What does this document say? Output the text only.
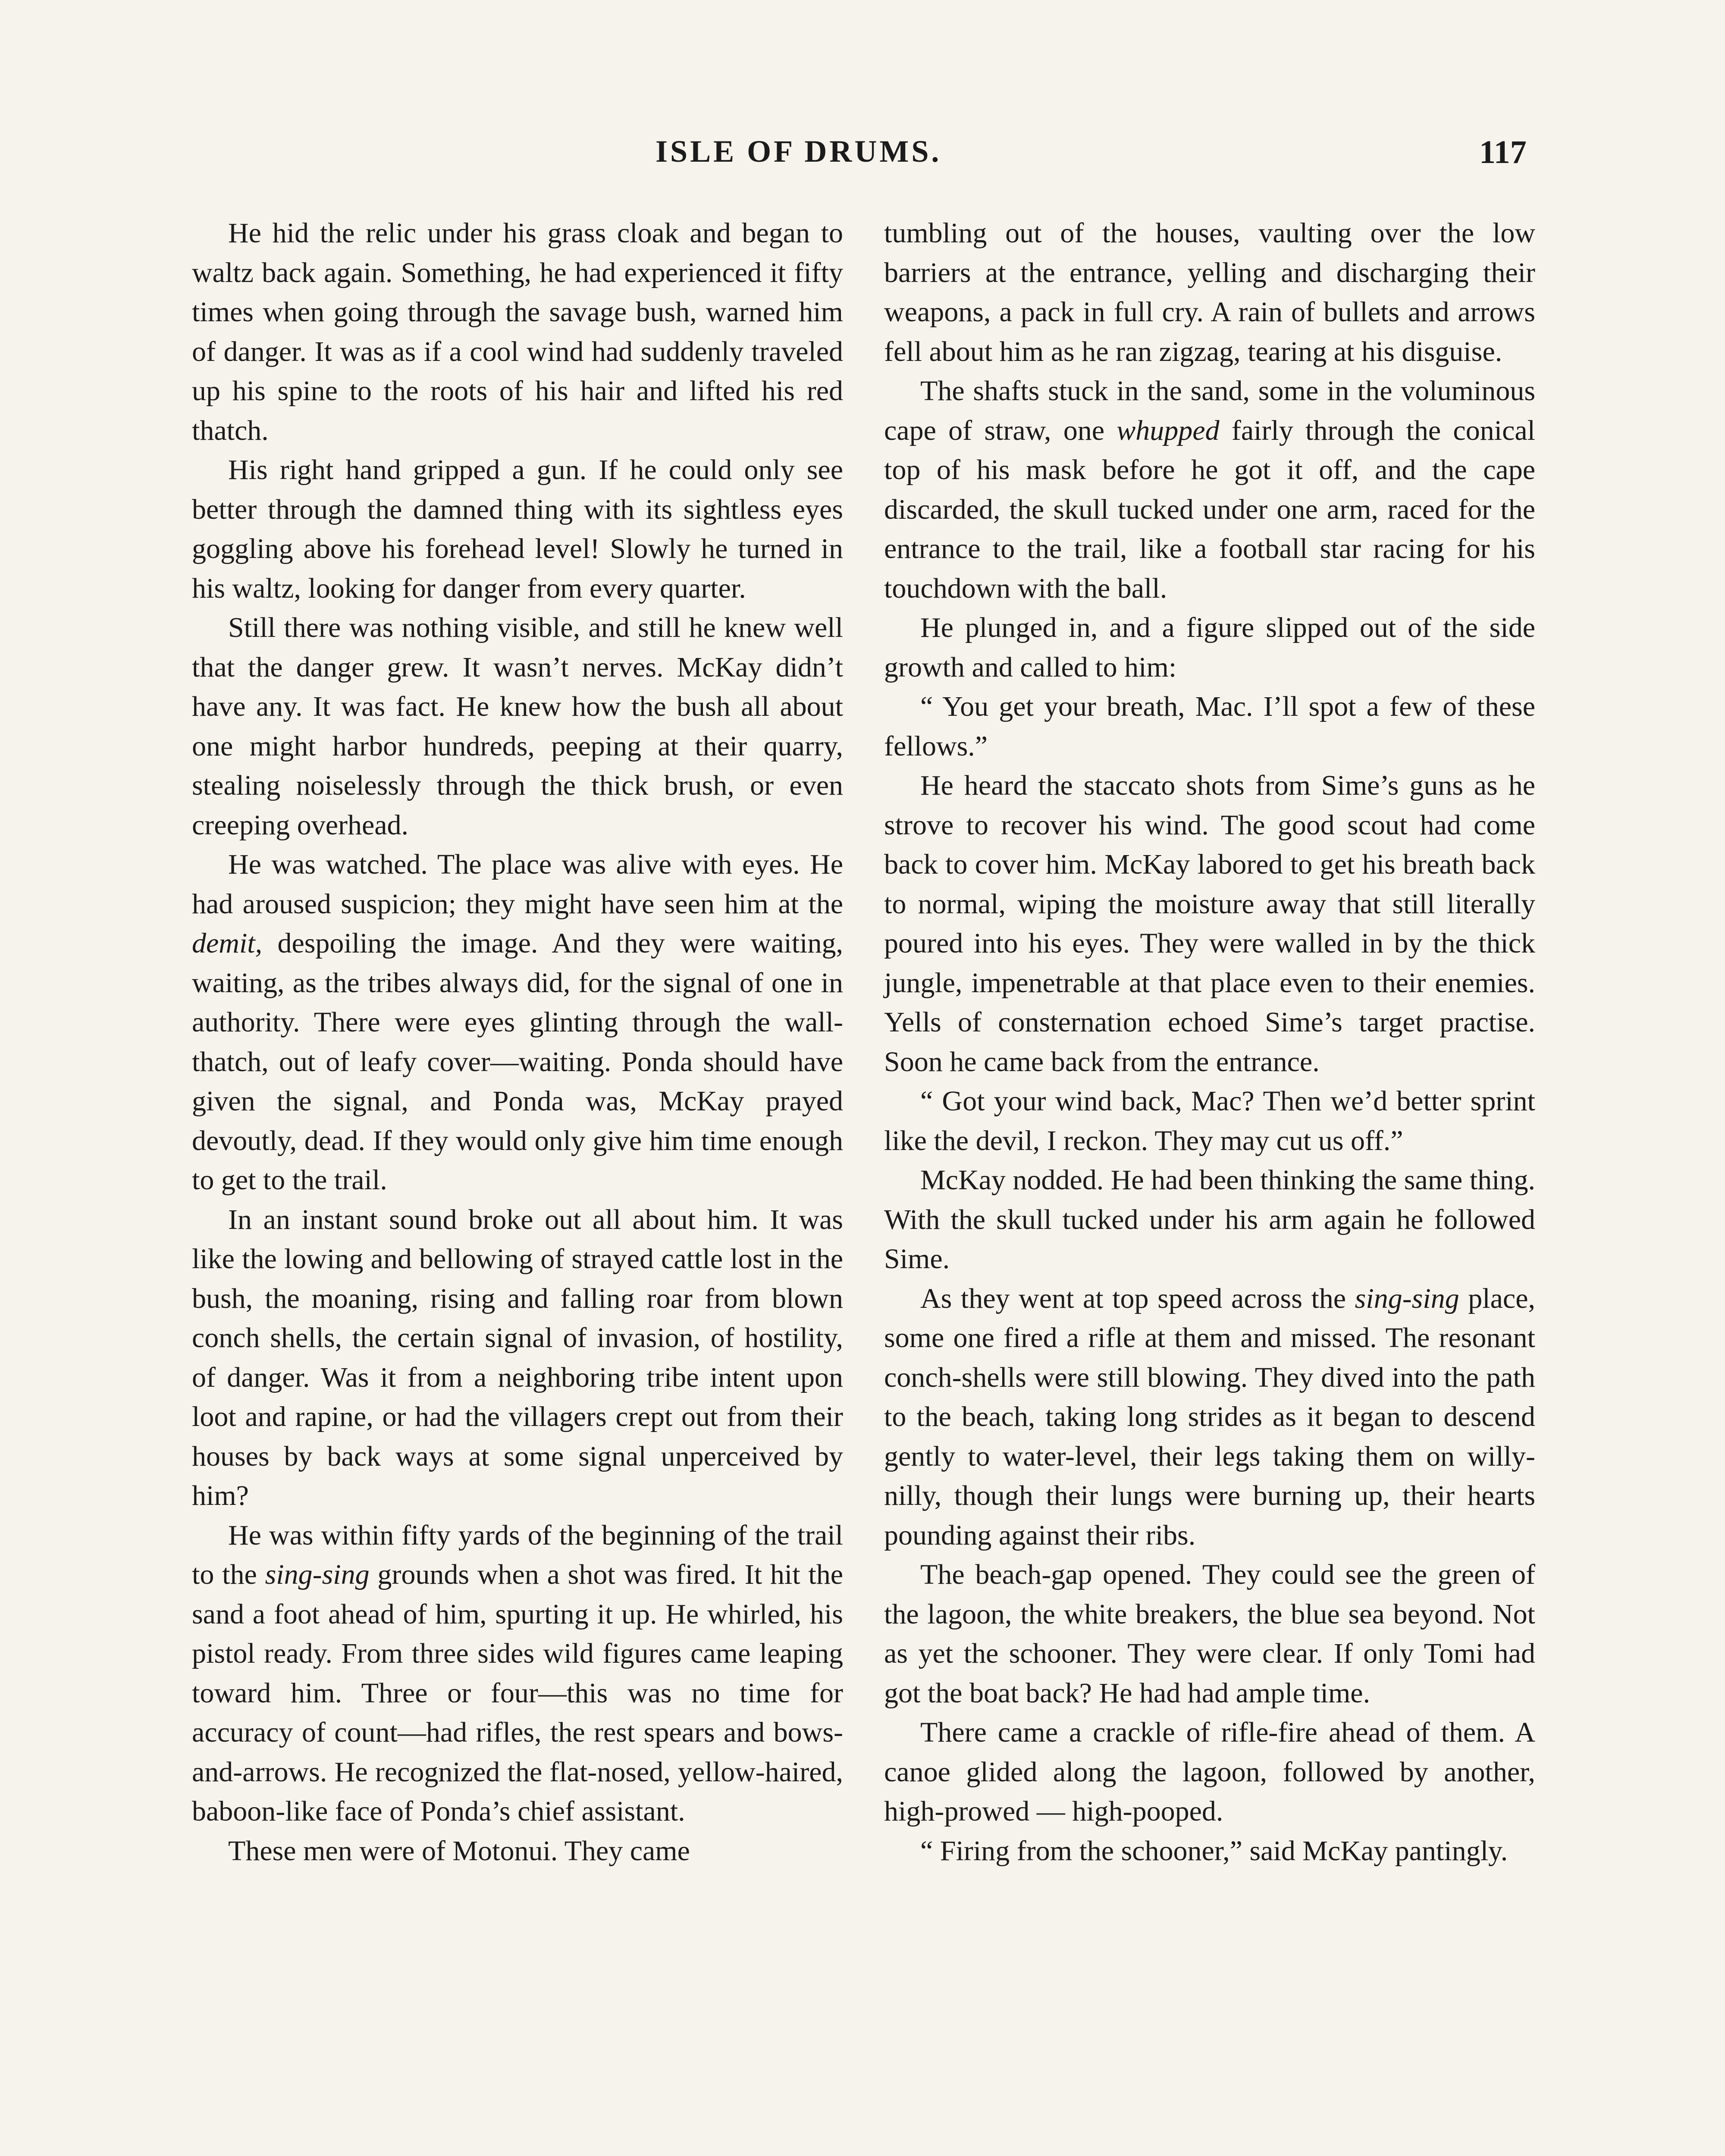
ISLE OF DRUMS.	117

He hid the relic under his grass cloak and began to waltz back again. Something, he had experienced it fifty times when going through the savage bush, warned him of danger. It was as if a cool wind had suddenly traveled up his spine to the roots of his hair and lifted his red thatch.

His right hand gripped a gun. If he could only see better through the damned thing with its sightless eyes goggling above his forehead level! Slowly he turned in his waltz, looking for danger from every quarter.

Still there was nothing visible, and still he knew well that the danger grew. It wasn’t nerves. McKay didn’t have any. It was fact. He knew how the bush all about one might harbor hundreds, peeping at their quarry, stealing noiselessly through the thick brush, or even creeping overhead.

He was watched. The place was alive with eyes. He had aroused suspicion; they might have seen him at the demit, despoiling the image. And they were waiting, waiting, as the tribes always did, for the signal of one in authority. There were eyes glinting through the wall-thatch, out of leafy cover—waiting. Ponda should have given the signal, and Ponda was, McKay prayed devoutly, dead. If they would only give him time enough to get to the trail.

In an instant sound broke out all about him. It was like the lowing and bellowing of strayed cattle lost in the bush, the moaning, rising and falling roar from blown conch shells, the certain signal of invasion, of hostility, of danger. Was it from a neighboring tribe intent upon loot and rapine, or had the villagers crept out from their houses by back ways at some signal unperceived by him?

He was within fifty yards of the beginning of the trail to the sing-sing grounds when a shot was fired. It hit the sand a foot ahead of him, spurting it up. He whirled, his pistol ready. From three sides wild figures came leaping toward him. Three or four—this was no time for accuracy of count—had rifles, the rest spears and bows-and-arrows. He recognized the flat-nosed, yellow-haired, baboon-like face of Ponda’s chief assistant.

These men were of Motonui. They came

tumbling out of the houses, vaulting over the low barriers at the entrance, yelling and discharging their weapons, a pack in full cry. A rain of bullets and arrows fell about him as he ran zigzag, tearing at his disguise.

The shafts stuck in the sand, some in the voluminous cape of straw, one whupped fairly through the conical top of his mask before he got it off, and the cape discarded, the skull tucked under one arm, raced for the entrance to the trail, like a football star racing for his touchdown with the ball.

He plunged in, and a figure slipped out of the side growth and called to him:

“ You get your breath, Mac. I’ll spot a few of these fellows.”

He heard the staccato shots from Sime’s guns as he strove to recover his wind. The good scout had come back to cover him. McKay labored to get his breath back to normal, wiping the moisture away that still literally poured into his eyes. They were walled in by the thick jungle, impenetrable at that place even to their enemies. Yells of consternation echoed Sime’s target practise. Soon he came back from the entrance.

“ Got your wind back, Mac? Then we’d better sprint like the devil, I reckon. They may cut us off.”

McKay nodded. He had been thinking the same thing. With the skull tucked under his arm again he followed Sime.

As they went at top speed across the sing-sing place, some one fired a rifle at them and missed. The resonant conch-shells were still blowing. They dived into the path to the beach, taking long strides as it began to descend gently to water-level, their legs taking them on willy-nilly, though their lungs were burning up, their hearts pounding against their ribs.

The beach-gap opened. They could see the green of the lagoon, the white breakers, the blue sea beyond. Not as yet the schooner. They were clear. If only Tomi had got the boat back? He had had ample time.

There came a crackle of rifle-fire ahead of them. A canoe glided along the lagoon, followed by another, high-prowed — high-pooped.

“ Firing from the schooner,” said McKay pantingly.
